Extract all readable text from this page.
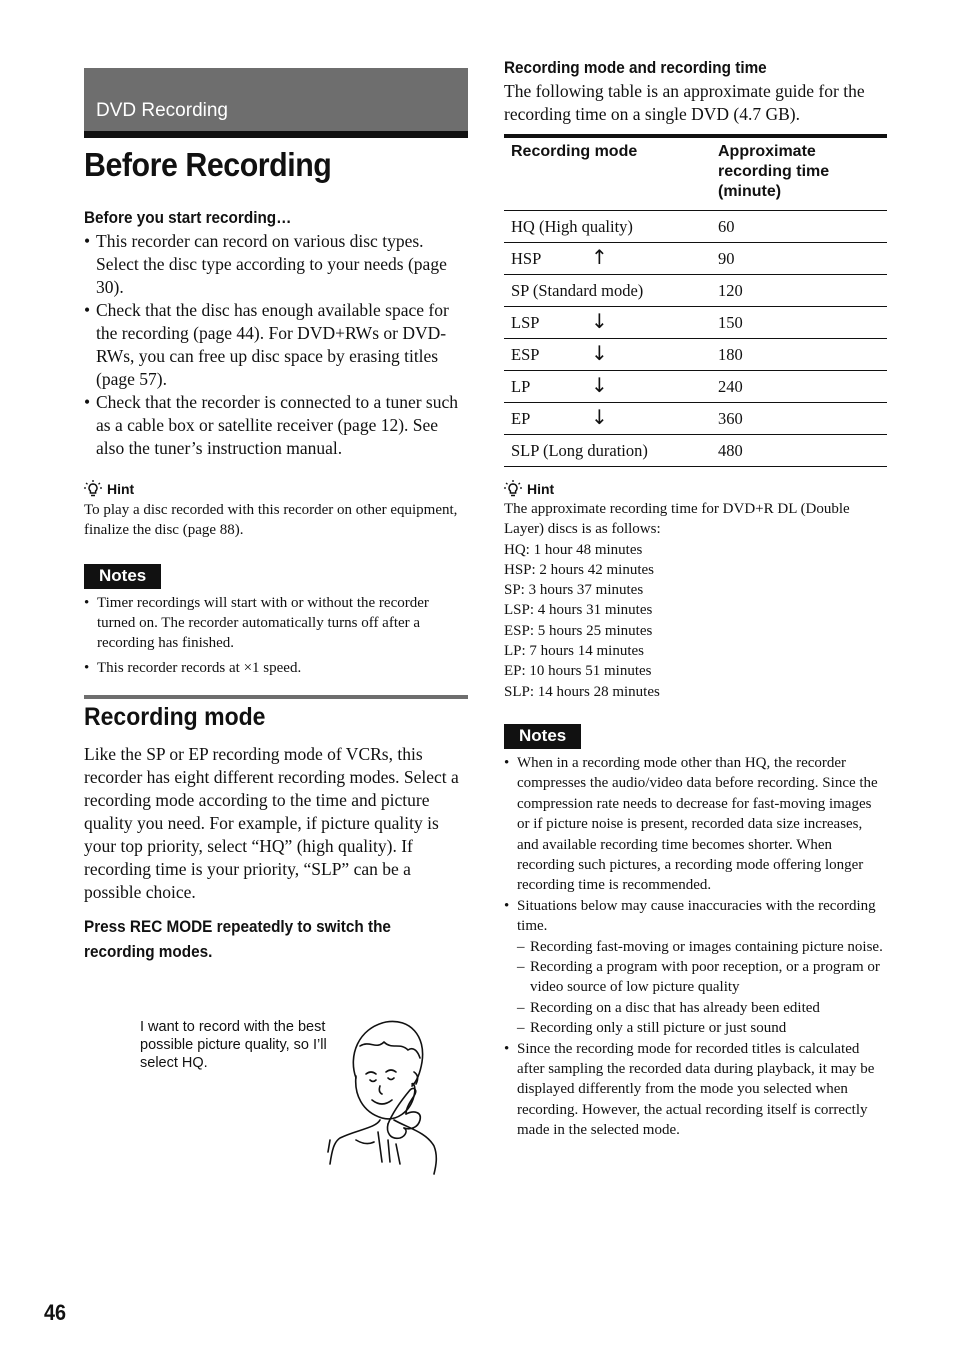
DVD Recording
Before Recording
Before you start recording…
• This recorder can record on various disc types. Select the disc type according to your needs (page 30).
• Check that the disc has enough available space for the recording (page 44). For DVD+RWs or DVD-RWs, you can free up disc space by erasing titles (page 57).
• Check that the recorder is connected to a tuner such as a cable box or satellite receiver (page 12). See also the tuner’s instruction manual.
Hint
To play a disc recorded with this recorder on other equipment, finalize the disc (page 88).
Notes
• Timer recordings will start with or without the recorder turned on. The recorder automatically turns off after a recording has finished.
• This recorder records at ×1 speed.
Recording mode
Like the SP or EP recording mode of VCRs, this recorder has eight different recording modes. Select a recording mode according to the time and picture quality you need. For example, if picture quality is your top priority, select “HQ” (high quality). If recording time is your priority, “SLP” can be a possible choice.
Press REC MODE repeatedly to switch the recording modes.
I want to record with the best possible picture quality, so I’ll select HQ.
Recording mode and recording time
The following table is an approximate guide for the recording time on a single DVD (4.7 GB).
Recording mode	Approximate recording time (minute)
HQ (High quality)	60
HSP ↑	90
SP (Standard mode)	120
LSP ↓	150
ESP ↓	180
LP ↓	240
EP ↓	360
SLP (Long duration)	480
Hint
The approximate recording time for DVD+R DL (Double Layer) discs is as follows:
HQ: 1 hour 48 minutes
HSP: 2 hours 42 minutes
SP: 3 hours 37 minutes
LSP: 4 hours 31 minutes
ESP: 5 hours 25 minutes
LP: 7 hours 14 minutes
EP: 10 hours 51 minutes
SLP: 14 hours 28 minutes
Notes
• When in a recording mode other than HQ, the recorder compresses the audio/video data before recording. Since the compression rate needs to decrease for fast-moving images or if picture noise is present, recorded data size increases, and available recording time becomes shorter. When recording such pictures, a recording mode offering longer recording time is recommended.
• Situations below may cause inaccuracies with the recording time.
– Recording fast-moving or images containing picture noise.
– Recording a program with poor reception, or a program or video source of low picture quality
– Recording on a disc that has already been edited
– Recording only a still picture or just sound
• Since the recording mode for recorded titles is calculated after sampling the recorded data during playback, it may be displayed differently from the mode you selected when recording. However, the actual recording itself is correctly made in the selected mode.
46
